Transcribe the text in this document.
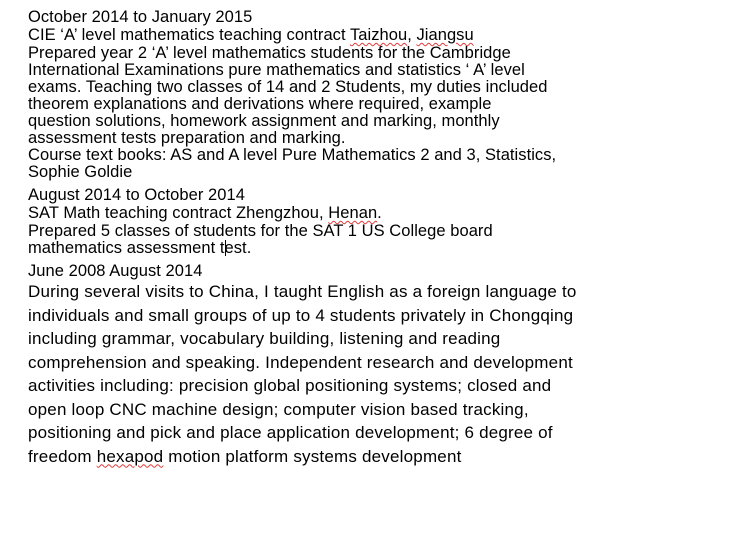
October 2014 to January 2015
CIE ‘A’ level mathematics teaching contract Taizhou, Jiangsu
Prepared year 2 ‘A’ level mathematics students for the Cambridge
International Examinations pure mathematics and statistics ‘ A’ level
exams. Teaching two classes of 14 and 2 Students, my duties included
theorem explanations and derivations where required, example
question solutions, homework assignment and marking, monthly
assessment tests preparation and marking.
Course text books: AS and A level Pure Mathematics 2 and 3, Statistics,
Sophie Goldie
August 2014 to October 2014
SAT Math teaching contract Zhengzhou, Henan.
Prepared 5 classes of students for the SAT 1 US College board
mathematics assessment test.
June 2008 August 2014
During several visits to China, I taught English as a foreign language to
individuals and small groups of up to 4 students privately in Chongqing
including grammar, vocabulary building, listening and reading
comprehension and speaking. Independent research and development
activities including: precision global positioning systems; closed and
open loop CNC machine design; computer vision based tracking,
positioning and pick and place application development; 6 degree of
freedom hexapod motion platform systems development
